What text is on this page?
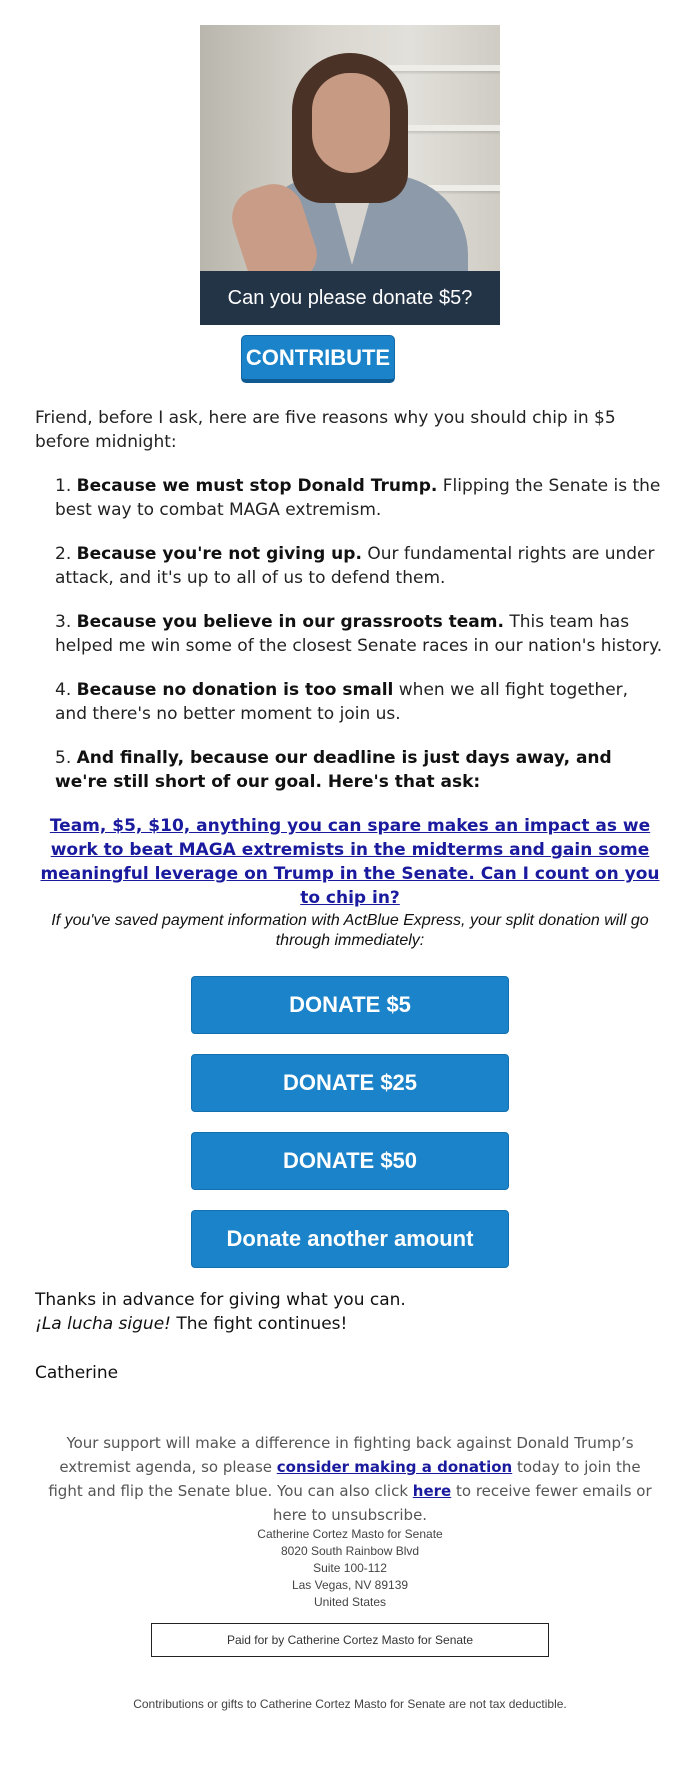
Can you please donate $5?
CONTRIBUTE

Friend, before I ask, here are five reasons why you should chip in $5 before midnight:

1. Because we must stop Donald Trump. Flipping the Senate is the best way to combat MAGA extremism.
2. Because you're not giving up. Our fundamental rights are under attack, and it's up to all of us to defend them.
3. Because you believe in our grassroots team. This team has helped me win some of the closest Senate races in our nation's history.
4. Because no donation is too small when we all fight together, and there's no better moment to join us.
5. And finally, because our deadline is just days away, and we're still short of our goal. Here's that ask:

Team, $5, $10, anything you can spare makes an impact as we work to beat MAGA extremists in the midterms and gain some meaningful leverage on Trump in the Senate. Can I count on you to chip in?

If you've saved payment information with ActBlue Express, your split donation will go through immediately:

DONATE $5
DONATE $25
DONATE $50
Donate another amount
Thanks in advance for giving what you can.
¡La lucha sigue! The fight continues!

Catherine

Your support will make a difference in fighting back against Donald Trump’s extremist agenda, so please consider making a donation today to join the fight and flip the Senate blue. You can also click here to receive fewer emails or here to unsubscribe.

Catherine Cortez Masto for Senate
8020 South Rainbow Blvd
Suite 100-112
Las Vegas, NV 89139
United States
Paid for by Catherine Cortez Masto for Senate
Contributions or gifts to Catherine Cortez Masto for Senate are not tax deductible.
